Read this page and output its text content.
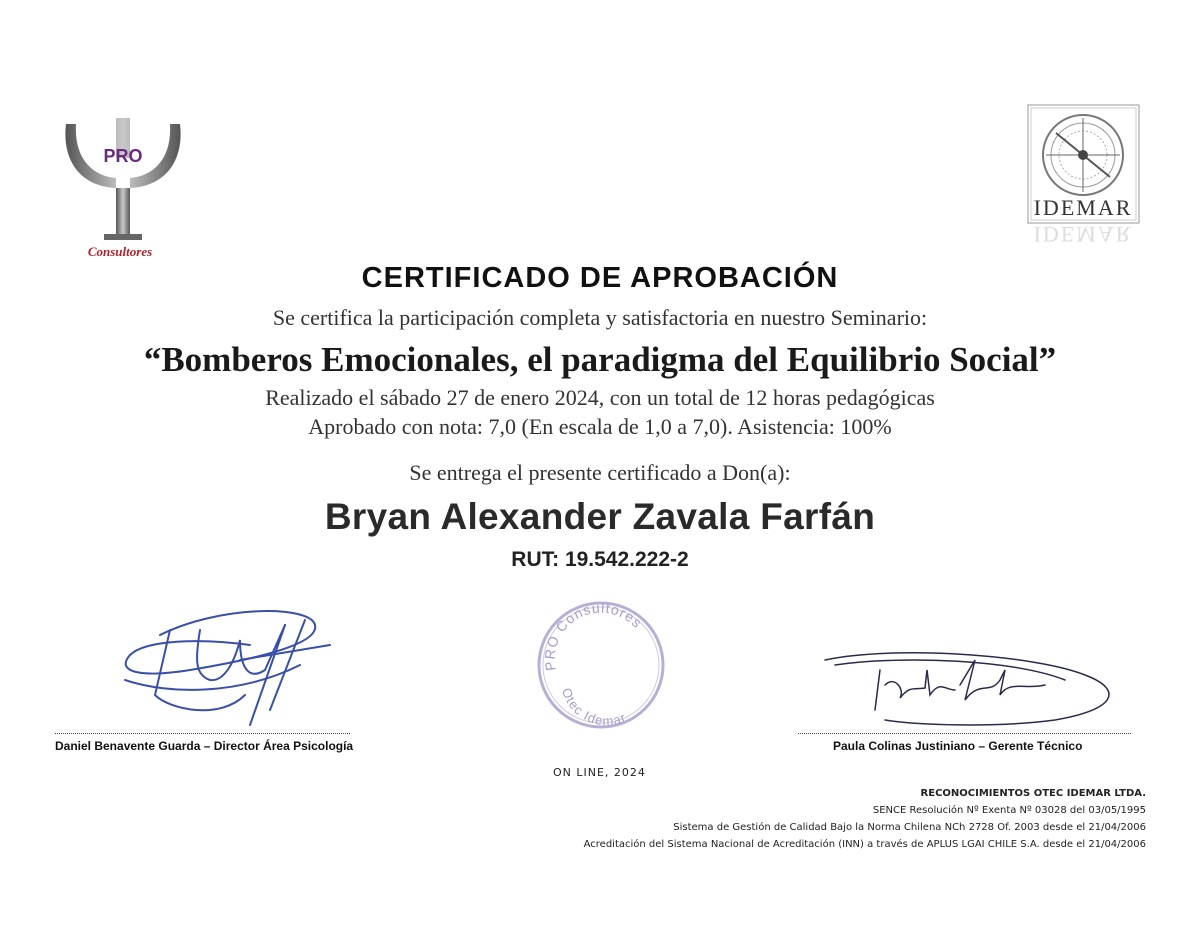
PRO
Consultores
IDEMAR
IDEMAR
CERTIFICADO DE APROBACIÓN
Se certifica la participación completa y satisfactoria en nuestro Seminario:
“Bomberos Emocionales, el paradigma del Equilibrio Social”
Realizado el sábado 27 de enero 2024, con un total de 12 horas pedagógicas
Aprobado con nota: 7,0 (En escala de 1,0 a 7,0). Asistencia: 100%
Se entrega el presente certificado a Don(a):
Bryan Alexander Zavala Farfán
RUT: 19.542.222-2
PRO Consultores
Otec Idemar
Daniel Benavente Guarda – Director Área Psicología	Paula Colinas Justiniano – Gerente Técnico
ON LINE, 2024
RECONOCIMIENTOS OTEC IDEMAR LTDA.
SENCE Resolución Nº Exenta Nº 03028 del 03/05/1995
Sistema de Gestión de Calidad Bajo la Norma Chilena NCh 2728 Of. 2003 desde el 21/04/2006
Acreditación del Sistema Nacional de Acreditación (INN) a través de APLUS LGAI CHILE S.A. desde el 21/04/2006
